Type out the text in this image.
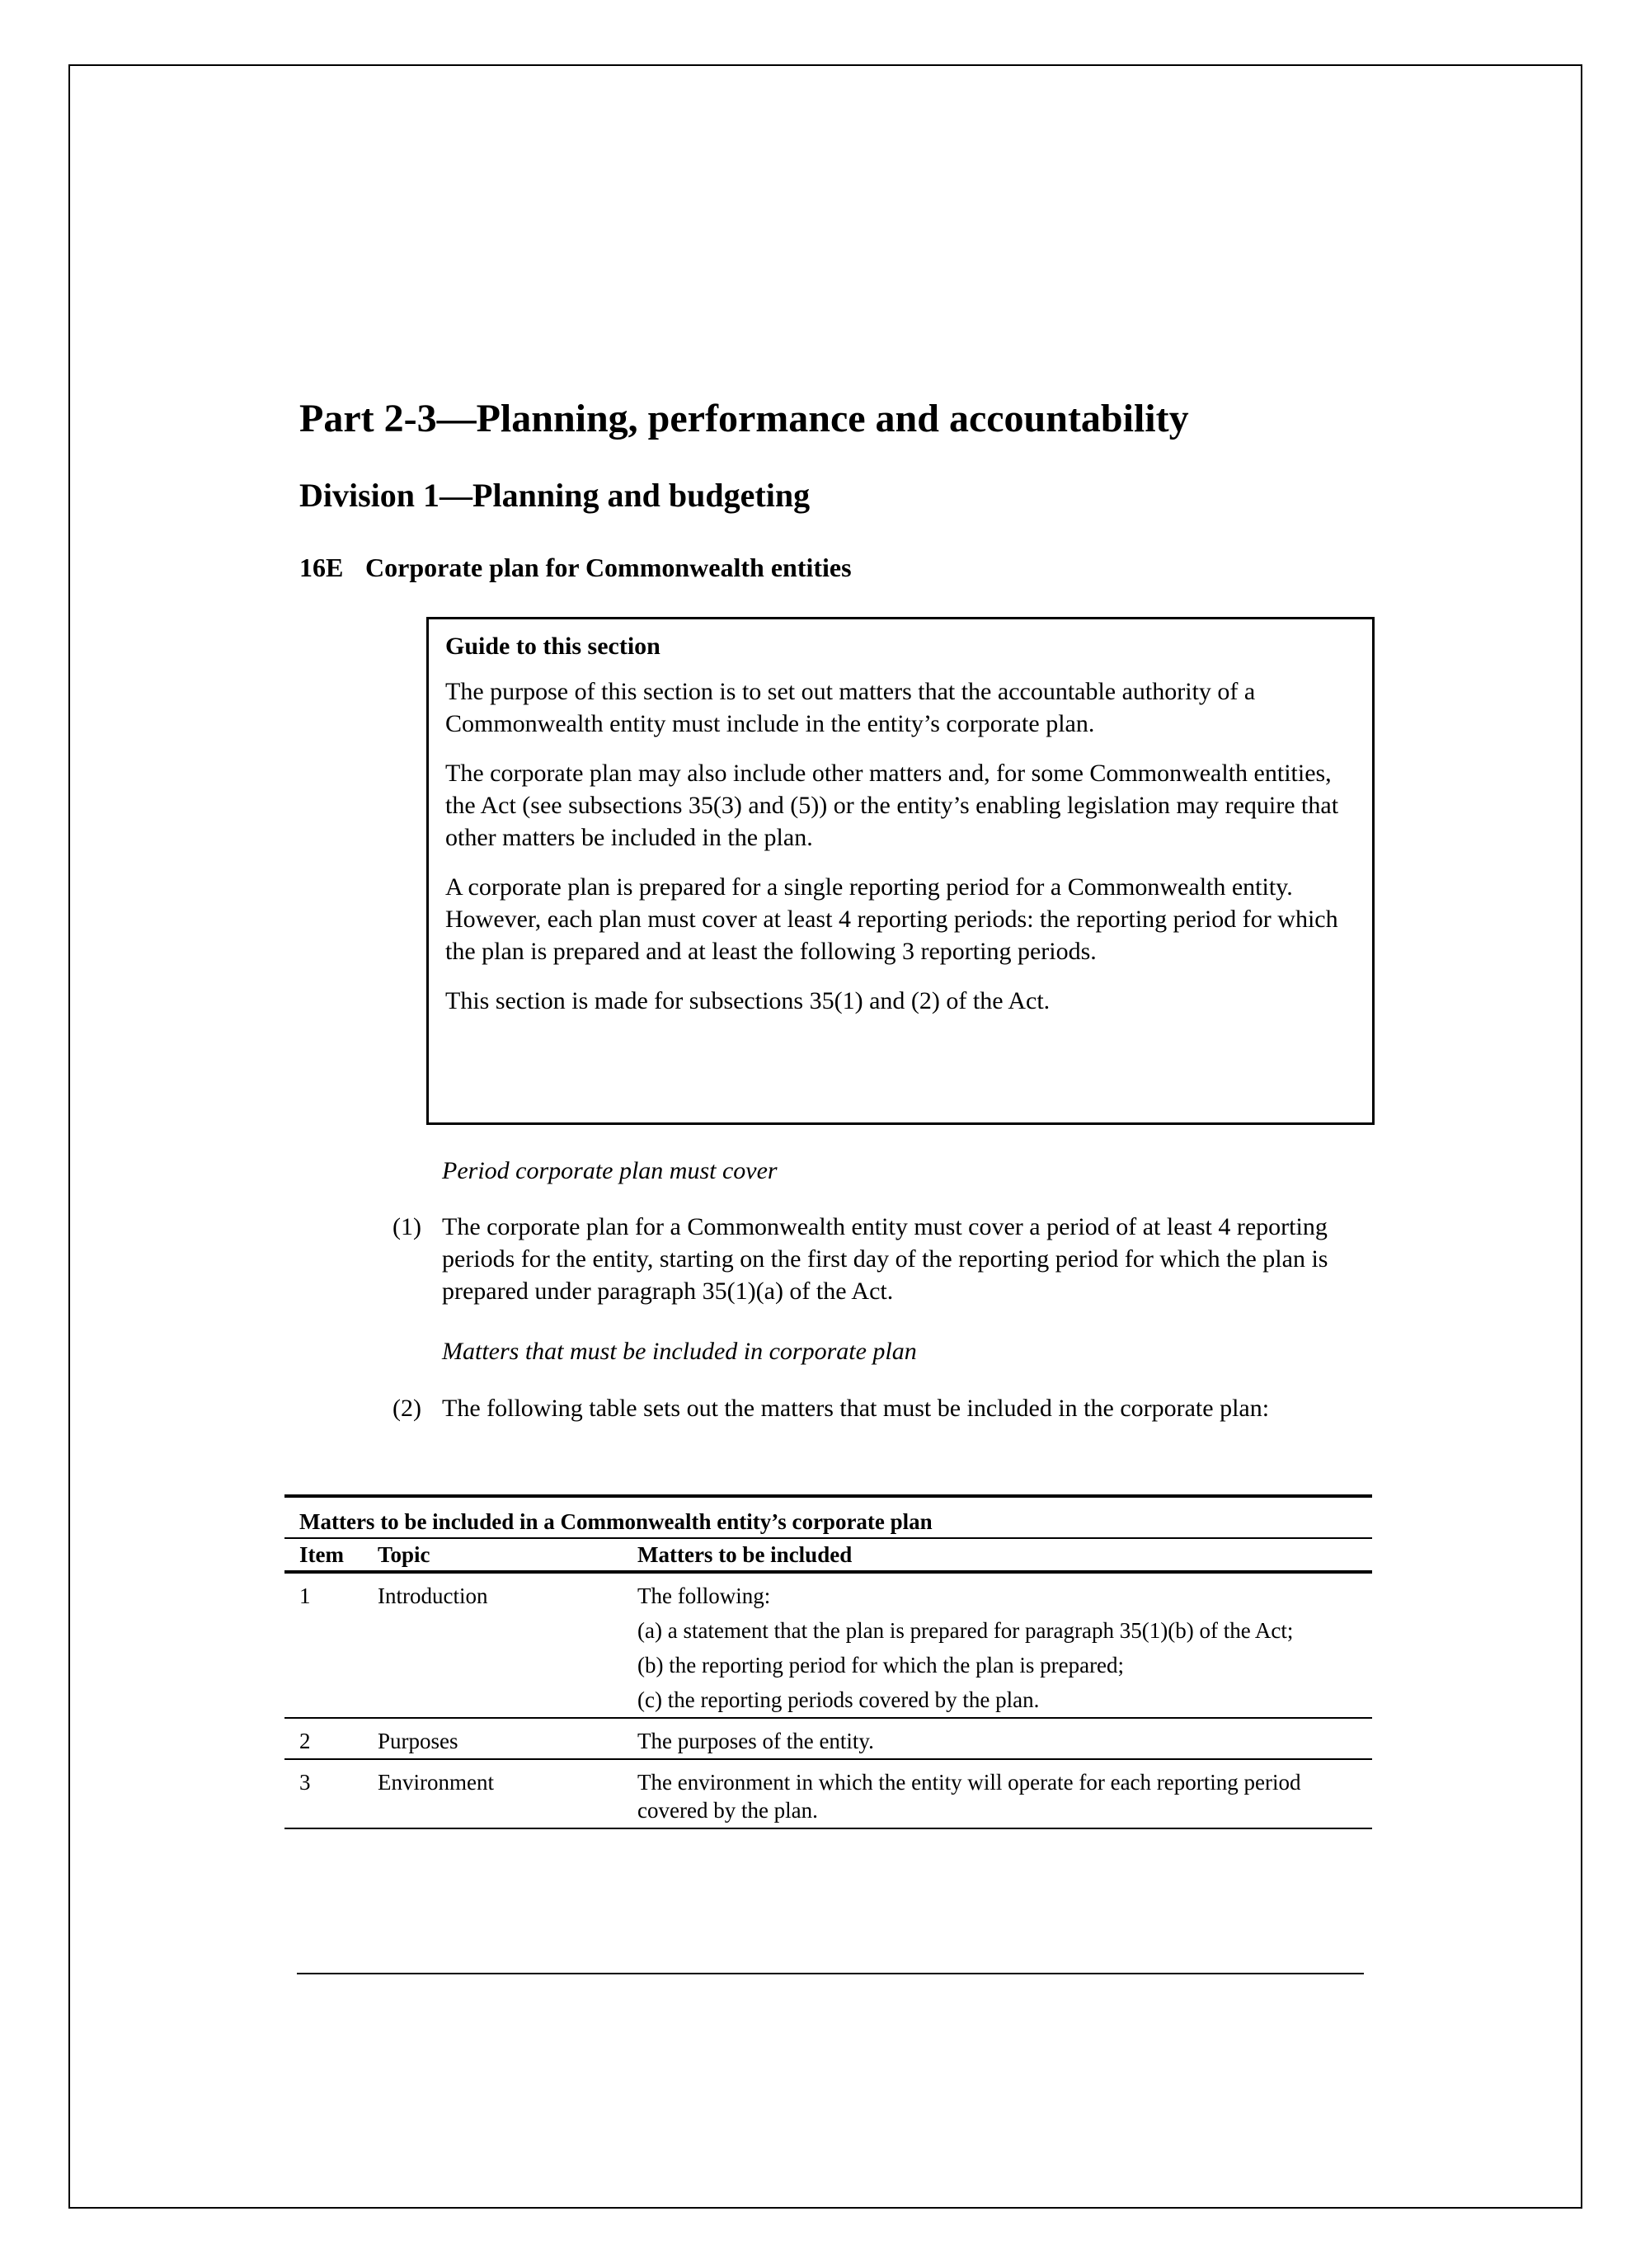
Part 2-3—Planning, performance and accountability
Division 1—Planning and budgeting
16E Corporate plan for Commonwealth entities
Guide to this section

The purpose of this section is to set out matters that the accountable authority of a Commonwealth entity must include in the entity’s corporate plan.

The corporate plan may also include other matters and, for some Commonwealth entities, the Act (see subsections 35(3) and (5)) or the entity’s enabling legislation may require that other matters be included in the plan.

A corporate plan is prepared for a single reporting period for a Commonwealth entity. However, each plan must cover at least 4 reporting periods: the reporting period for which the plan is prepared and at least the following 3 reporting periods.

This section is made for subsections 35(1) and (2) of the Act.

Period corporate plan must cover
(1) The corporate plan for a Commonwealth entity must cover a period of at least 4 reporting periods for the entity, starting on the first day of the reporting period for which the plan is prepared under paragraph 35(1)(a) of the Act.
Matters that must be included in corporate plan
(2) The following table sets out the matters that must be included in the corporate plan:
Matters to be included in a Commonwealth entity’s corporate plan
Item	Topic	Matters to be included
1	Introduction	The following:
(a) a statement that the plan is prepared for paragraph 35(1)(b) of the Act;
(b) the reporting period for which the plan is prepared;
(c) the reporting periods covered by the plan.
2	Purposes	The purposes of the entity.
3	Environment	The environment in which the entity will operate for each reporting period covered by the plan.
